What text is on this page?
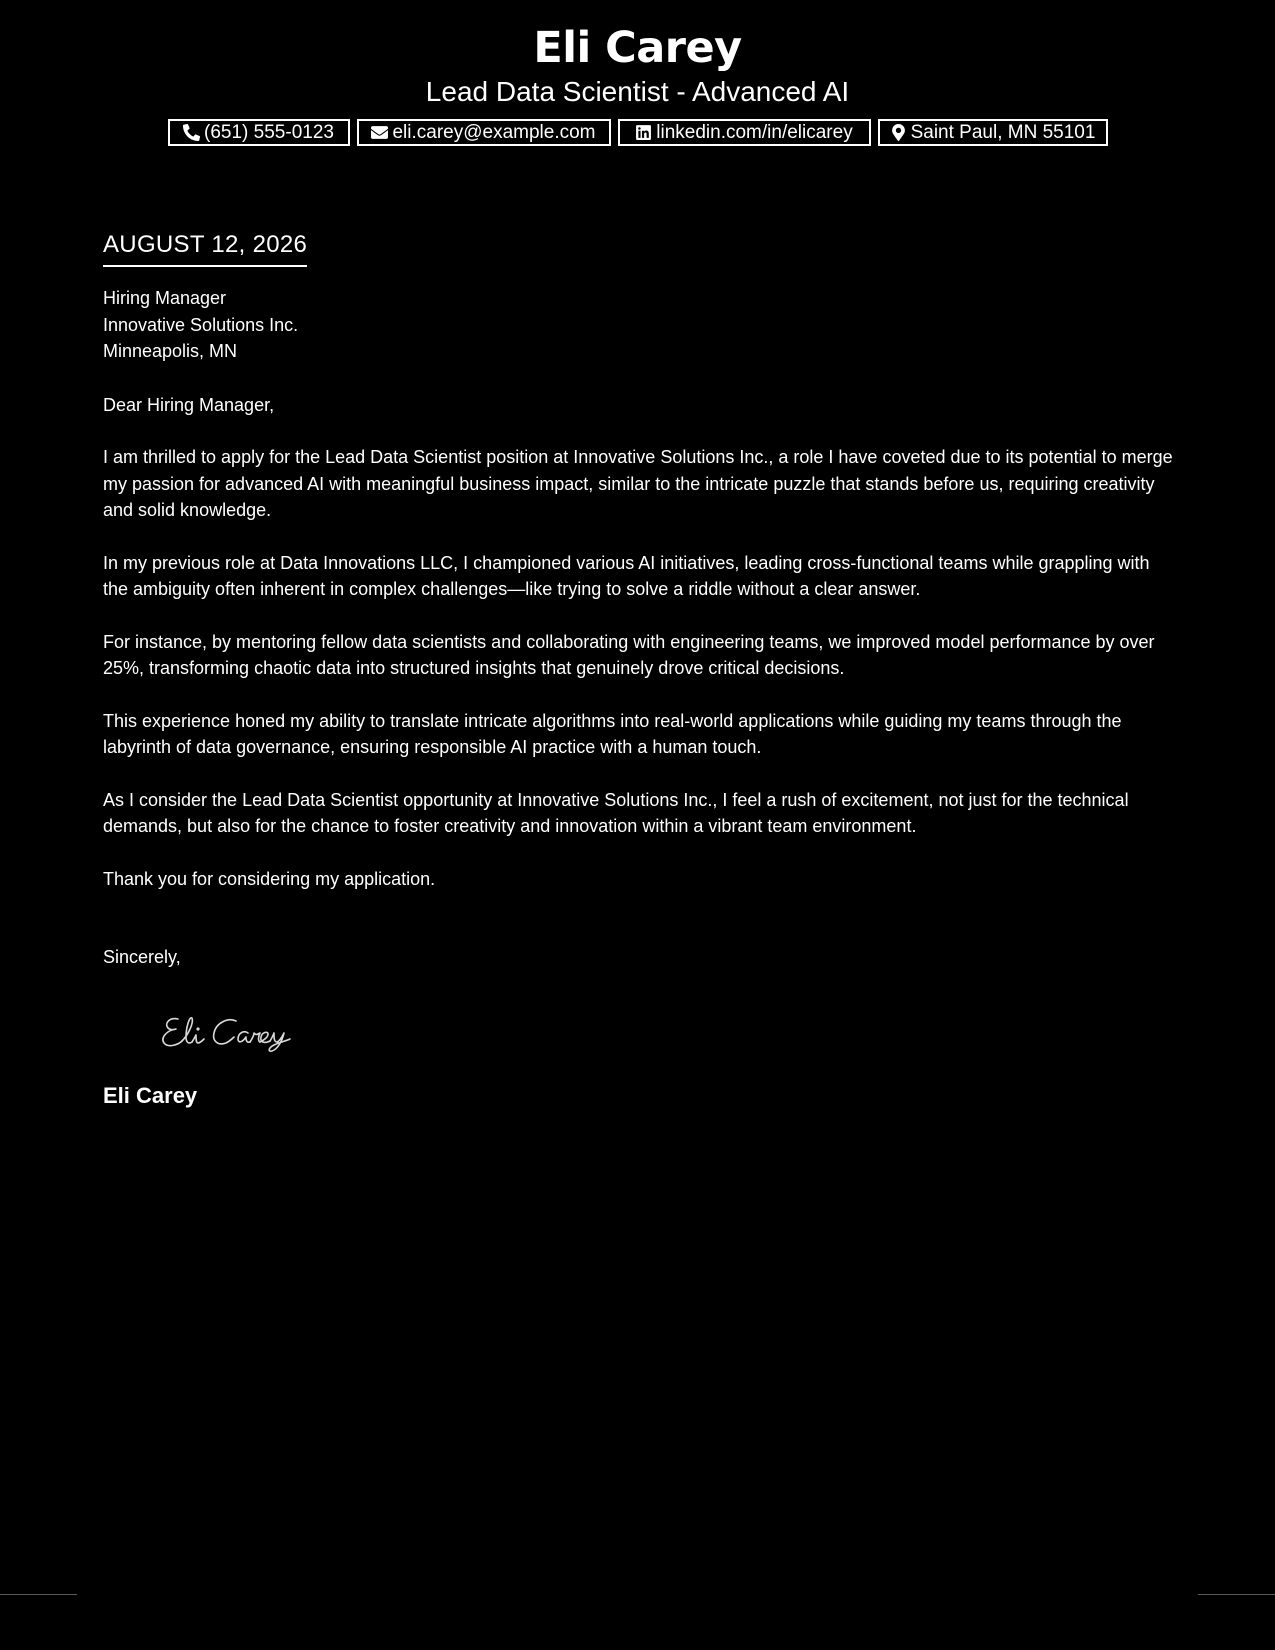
Eli Carey
Lead Data Scientist - Advanced AI
(651) 555-0123	eli.carey@example.com	linkedin.com/in/elicarey	Saint Paul, MN 55101
AUGUST 12, 2026
Hiring Manager
Innovative Solutions Inc.
Minneapolis, MN
Dear Hiring Manager,
I am thrilled to apply for the Lead Data Scientist position at Innovative Solutions Inc., a role I have coveted due to its potential to merge my passion for advanced AI with meaningful business impact, similar to the intricate puzzle that stands before us, requiring creativity and solid knowledge.
In my previous role at Data Innovations LLC, I championed various AI initiatives, leading cross-functional teams while grappling with the ambiguity often inherent in complex challenges—like trying to solve a riddle without a clear answer.
For instance, by mentoring fellow data scientists and collaborating with engineering teams, we improved model performance by over 25%, transforming chaotic data into structured insights that genuinely drove critical decisions.
This experience honed my ability to translate intricate algorithms into real-world applications while guiding my teams through the labyrinth of data governance, ensuring responsible AI practice with a human touch.
As I consider the Lead Data Scientist opportunity at Innovative Solutions Inc., I feel a rush of excitement, not just for the technical demands, but also for the chance to foster creativity and innovation within a vibrant team environment.
Thank you for considering my application.
Sincerely,
Eli Carey
